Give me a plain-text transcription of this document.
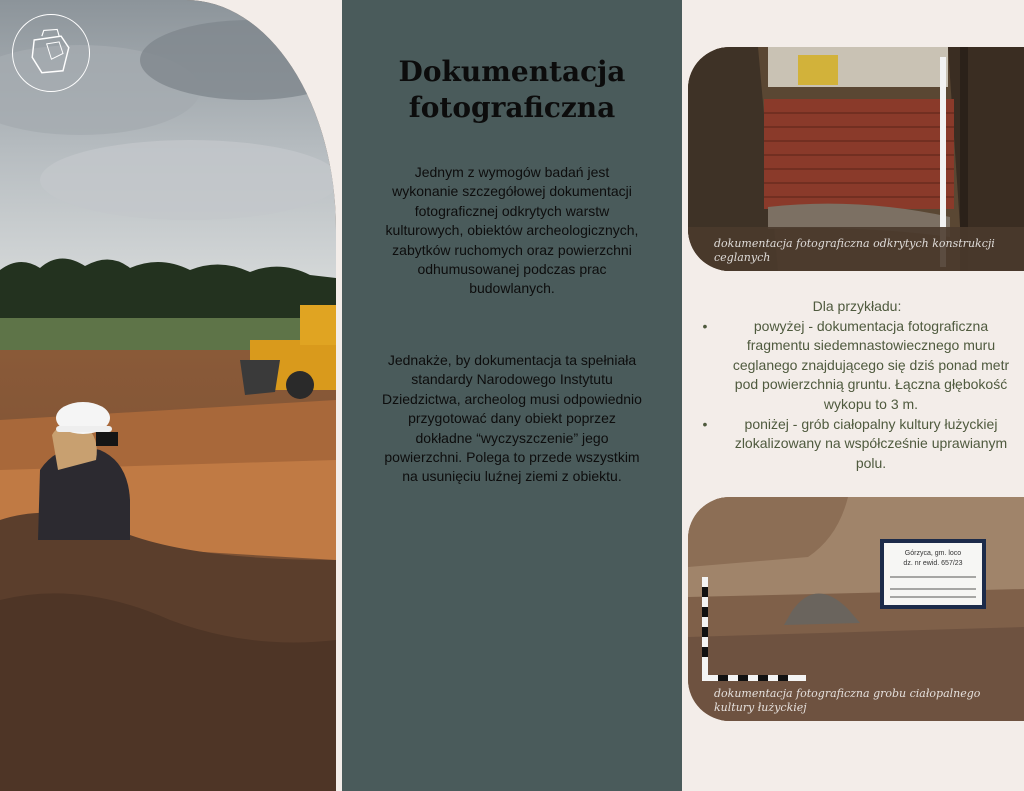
Dokumentacja
fotograficzna

Jednym z wymogów badań jest wykonanie szczegółowej dokumentacji fotograficznej odkrytych warstw kulturowych, obiektów archeologicznych, zabytków ruchomych oraz powierzchni odhumusowanej podczas prac budowlanych.

Jednakże, by dokumentacja ta spełniała standardy Narodowego Instytutu Dziedzictwa, archeolog musi odpowiednio przygotować dany obiekt poprzez dokładne “wyczyszczenie” jego powierzchni. Polega to przede wszystkim na usunięciu luźnej ziemi z obiektu.

dokumentacja fotograficzna odkrytych konstrukcji ceglanych
Dla przykładu:
•	powyżej - dokumentacja fotograficzna fragmentu siedemnastowiecznego muru ceglanego znajdującego się dziś ponad metr pod powierzchnią gruntu. Łączna głębokość wykopu to 3 m.
•	poniżej - grób ciałopalny kultury łużyckiej zlokalizowany na współcześnie uprawianym polu.
Górzyca, gm. loco
dz. nr ewid. 657/23
dokumentacja fotograficzna grobu ciałopalnego kultury łużyckiej
